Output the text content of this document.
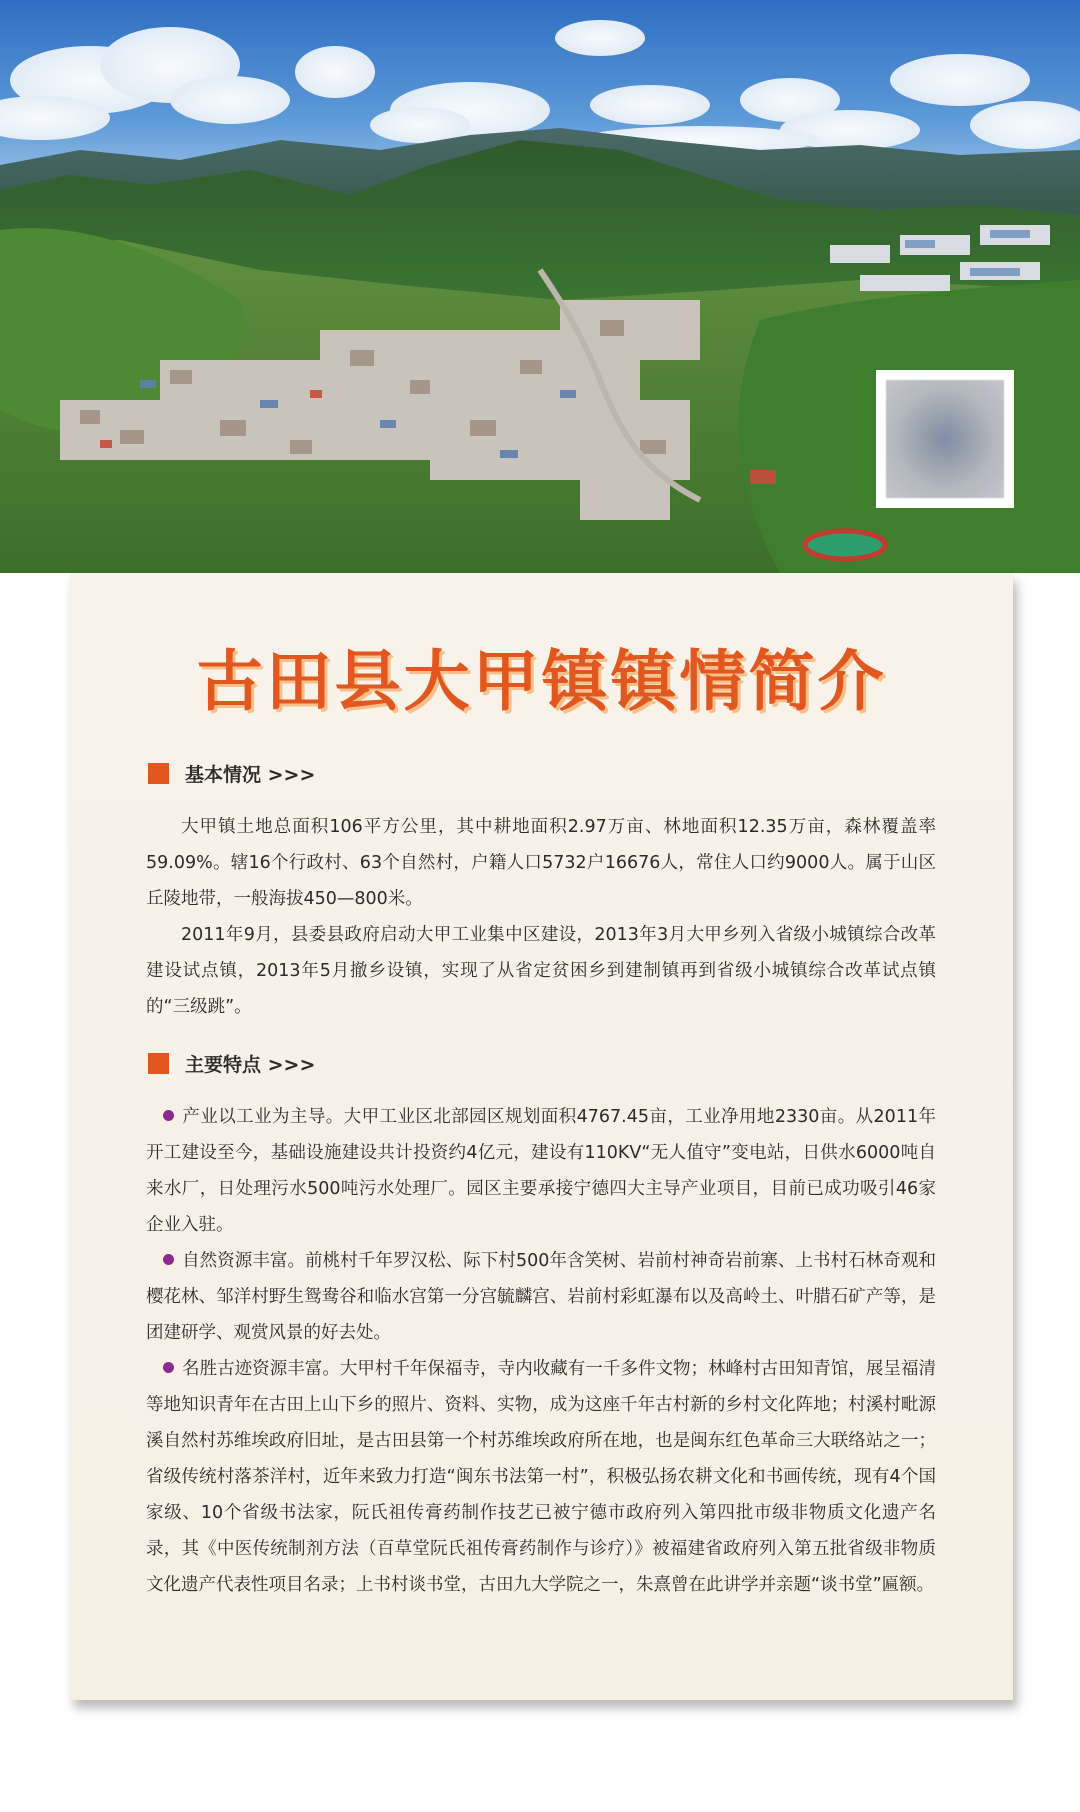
古田县大甲镇镇情简介
基本情况 >>>

大甲镇土地总面积106平方公里，其中耕地面积2.97万亩、林地面积12.35万亩，森林覆盖率59.09%。辖16个行政村、63个自然村，户籍人口5732户16676人，常住人口约9000人。属于山区丘陵地带，一般海拔450—800米。

2011年9月，县委县政府启动大甲工业集中区建设，2013年3月大甲乡列入省级小城镇综合改革建设试点镇，2013年5月撤乡设镇，实现了从省定贫困乡到建制镇再到省级小城镇综合改革试点镇的“三级跳”。

主要特点 >>>

产业以工业为主导。大甲工业区北部园区规划面积4767.45亩，工业净用地2330亩。从2011年开工建设至今，基础设施建设共计投资约4亿元，建设有110KV“无人值守”变电站，日供水6000吨自来水厂，日处理污水500吨污水处理厂。园区主要承接宁德四大主导产业项目，目前已成功吸引46家企业入驻。

自然资源丰富。前桃村千年罗汉松、际下村500年含笑树、岩前村神奇岩前寨、上书村石林奇观和樱花林、邹洋村野生鸳鸯谷和临水宫第一分宫毓麟宫、岩前村彩虹瀑布以及高岭土、叶腊石矿产等，是团建研学、观赏风景的好去处。

名胜古迹资源丰富。大甲村千年保福寺，寺内收藏有一千多件文物；林峰村古田知青馆，展呈福清等地知识青年在古田上山下乡的照片、资料、实物，成为这座千年古村新的乡村文化阵地；村溪村毗源溪自然村苏维埃政府旧址，是古田县第一个村苏维埃政府所在地，也是闽东红色革命三大联络站之一；省级传统村落茶洋村，近年来致力打造“闽东书法第一村”，积极弘扬农耕文化和书画传统，现有4个国家级、10个省级书法家，阮氏祖传膏药制作技艺已被宁德市政府列入第四批市级非物质文化遗产名录，其《中医传统制剂方法（百草堂阮氏祖传膏药制作与诊疗）》被福建省政府列入第五批省级非物质文化遗产代表性项目名录；上书村谈书堂，古田九大学院之一，朱熹曾在此讲学并亲题“谈书堂”匾额。
